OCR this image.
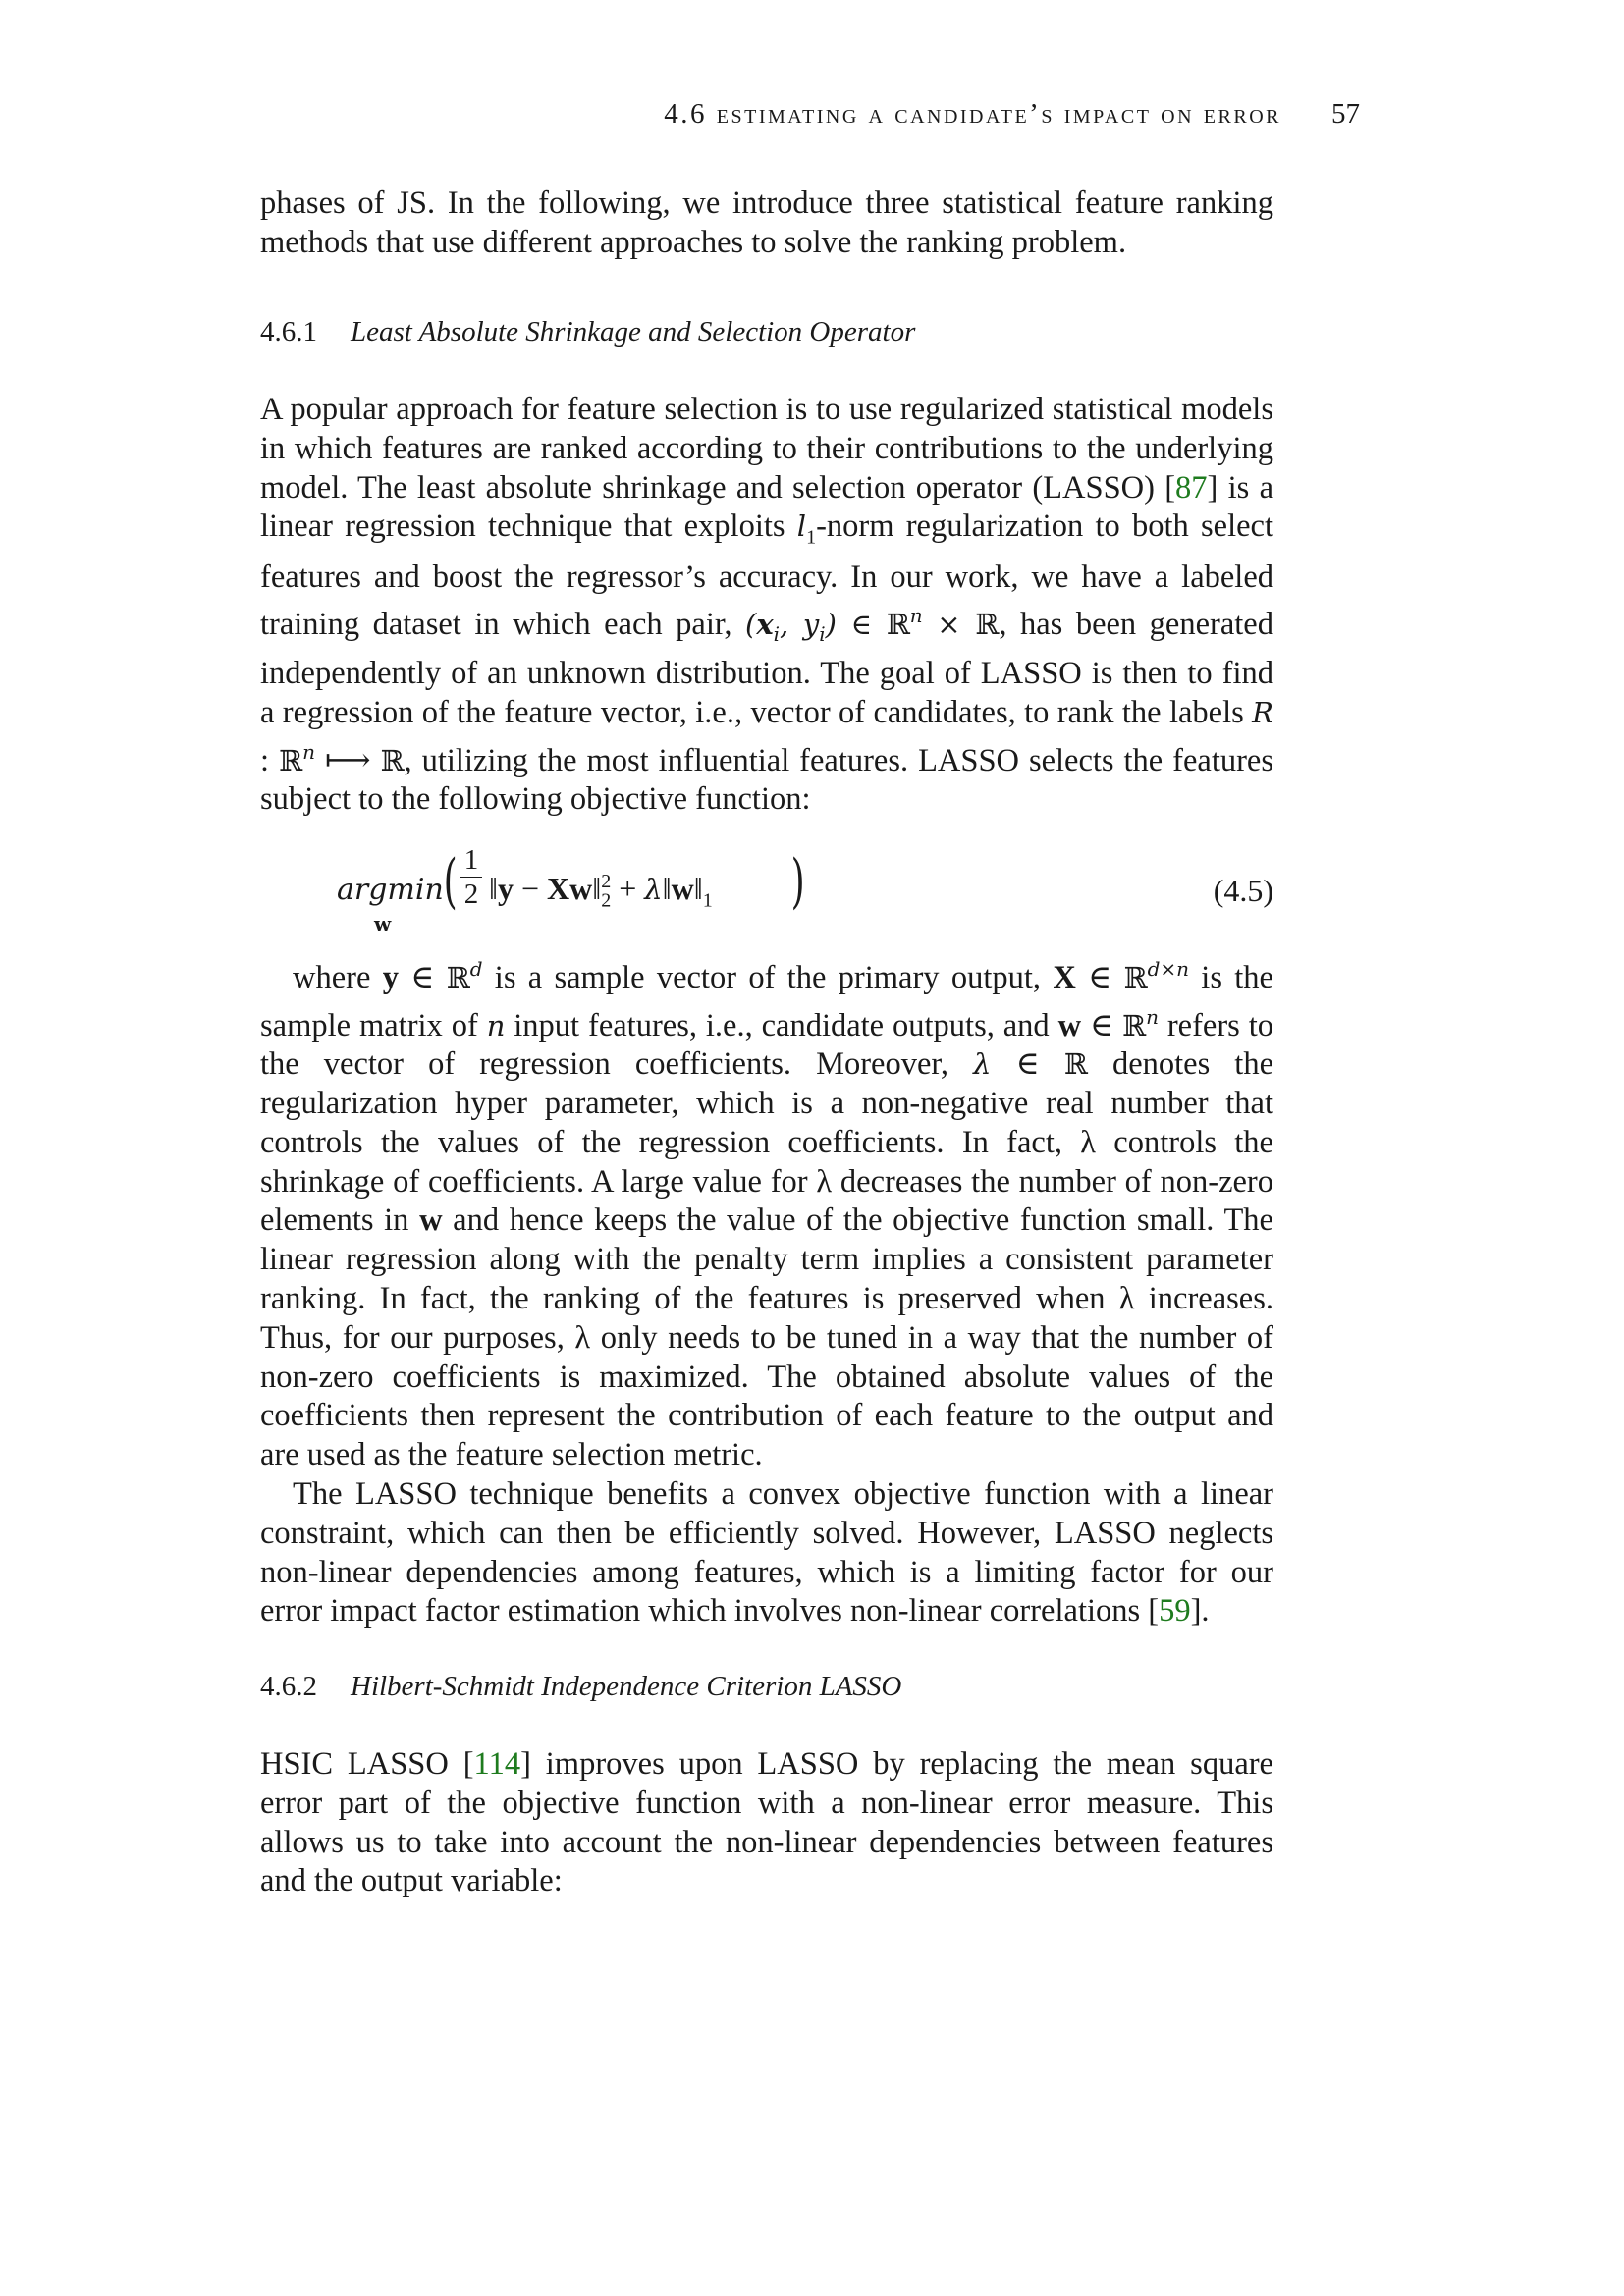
4.6 estimating a candidate’s impact on error 57

phases of JS. In the following, we introduce three statistical feature ranking methods that use different approaches to solve the ranking problem.

4.6.1 Least Absolute Shrinkage and Selection Operator

A popular approach for feature selection is to use regularized statistical models in which features are ranked according to their contributions to the underlying model. The least absolute shrinkage and selection operator (LASSO) [87] is a linear regression technique that exploits $l_1$-norm regularization to both select features and boost the regressor’s accuracy. In our work, we have a labeled training dataset in which each pair, ($x_i$, $y_i$) ∈ ℝ$^n$ × ℝ, has been generated independently of an unknown distribution. The goal of LASSO is then to find a regression of the feature vector, i.e., vector of candidates, to rank the labels R : ℝ$^n$ ⟼ ℝ, utilizing the most influential features. LASSO selects the features subject to the following objective function:

argmin
w
( 1
2 ‖y − $Xw‖_2^2$ + $\lambda‖w‖_1$ )	(4.5)

where y ∈ ℝ$^d$ is a sample vector of the primary output, X ∈ ℝ$^{d\times n}$ is the sample matrix of n input features, i.e., candidate outputs, and w ∈ ℝ$^n$ refers to the vector of regression coefficients. Moreover, λ ∈ ℝ denotes the regularization hyper parameter, which is a non-negative real number that controls the values of the regression coefficients. In fact, λ controls the shrinkage of coefficients. A large value for λ decreases the number of non-zero elements in w and hence keeps the value of the objective function small. The linear regression along with the penalty term implies a consistent parameter ranking. In fact, the ranking of the features is preserved when λ increases. Thus, for our purposes, λ only needs to be tuned in a way that the number of non-zero coefficients is maximized. The obtained absolute values of the coefficients then represent the contribution of each feature to the output and are used as the feature selection metric.

The LASSO technique benefits a convex objective function with a linear constraint, which can then be efficiently solved. However, LASSO neglects non-linear dependencies among features, which is a limiting factor for our error impact factor estimation which involves non-linear correlations [59].

4.6.2 Hilbert-Schmidt Independence Criterion LASSO

HSIC LASSO [114] improves upon LASSO by replacing the mean square error part of the objective function with a non-linear error measure. This allows us to take into account the non-linear dependencies between features and the output variable:
